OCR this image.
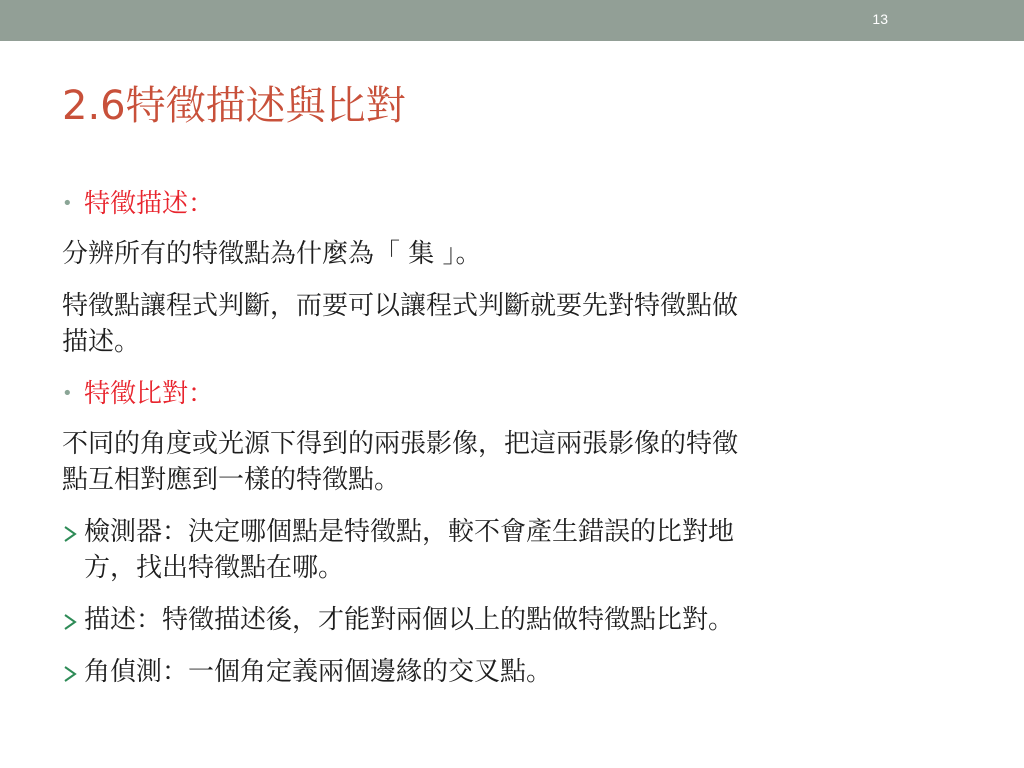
13
2.6特徵描述與比對
• 特徵描述：
分辨所有的特徵點為什麼為「 集 」。
特徵點讓程式判斷，而要可以讓程式判斷就要先對特徵點做
描述。
• 特徵比對：
不同的角度或光源下得到的兩張影像，把這兩張影像的特徵
點互相對應到一樣的特徵點。
檢測器：決定哪個點是特徵點，較不會產生錯誤的比對地
方，找出特徵點在哪。
描述：特徵描述後，才能對兩個以上的點做特徵點比對。
角偵測：一個角定義兩個邊緣的交叉點。
